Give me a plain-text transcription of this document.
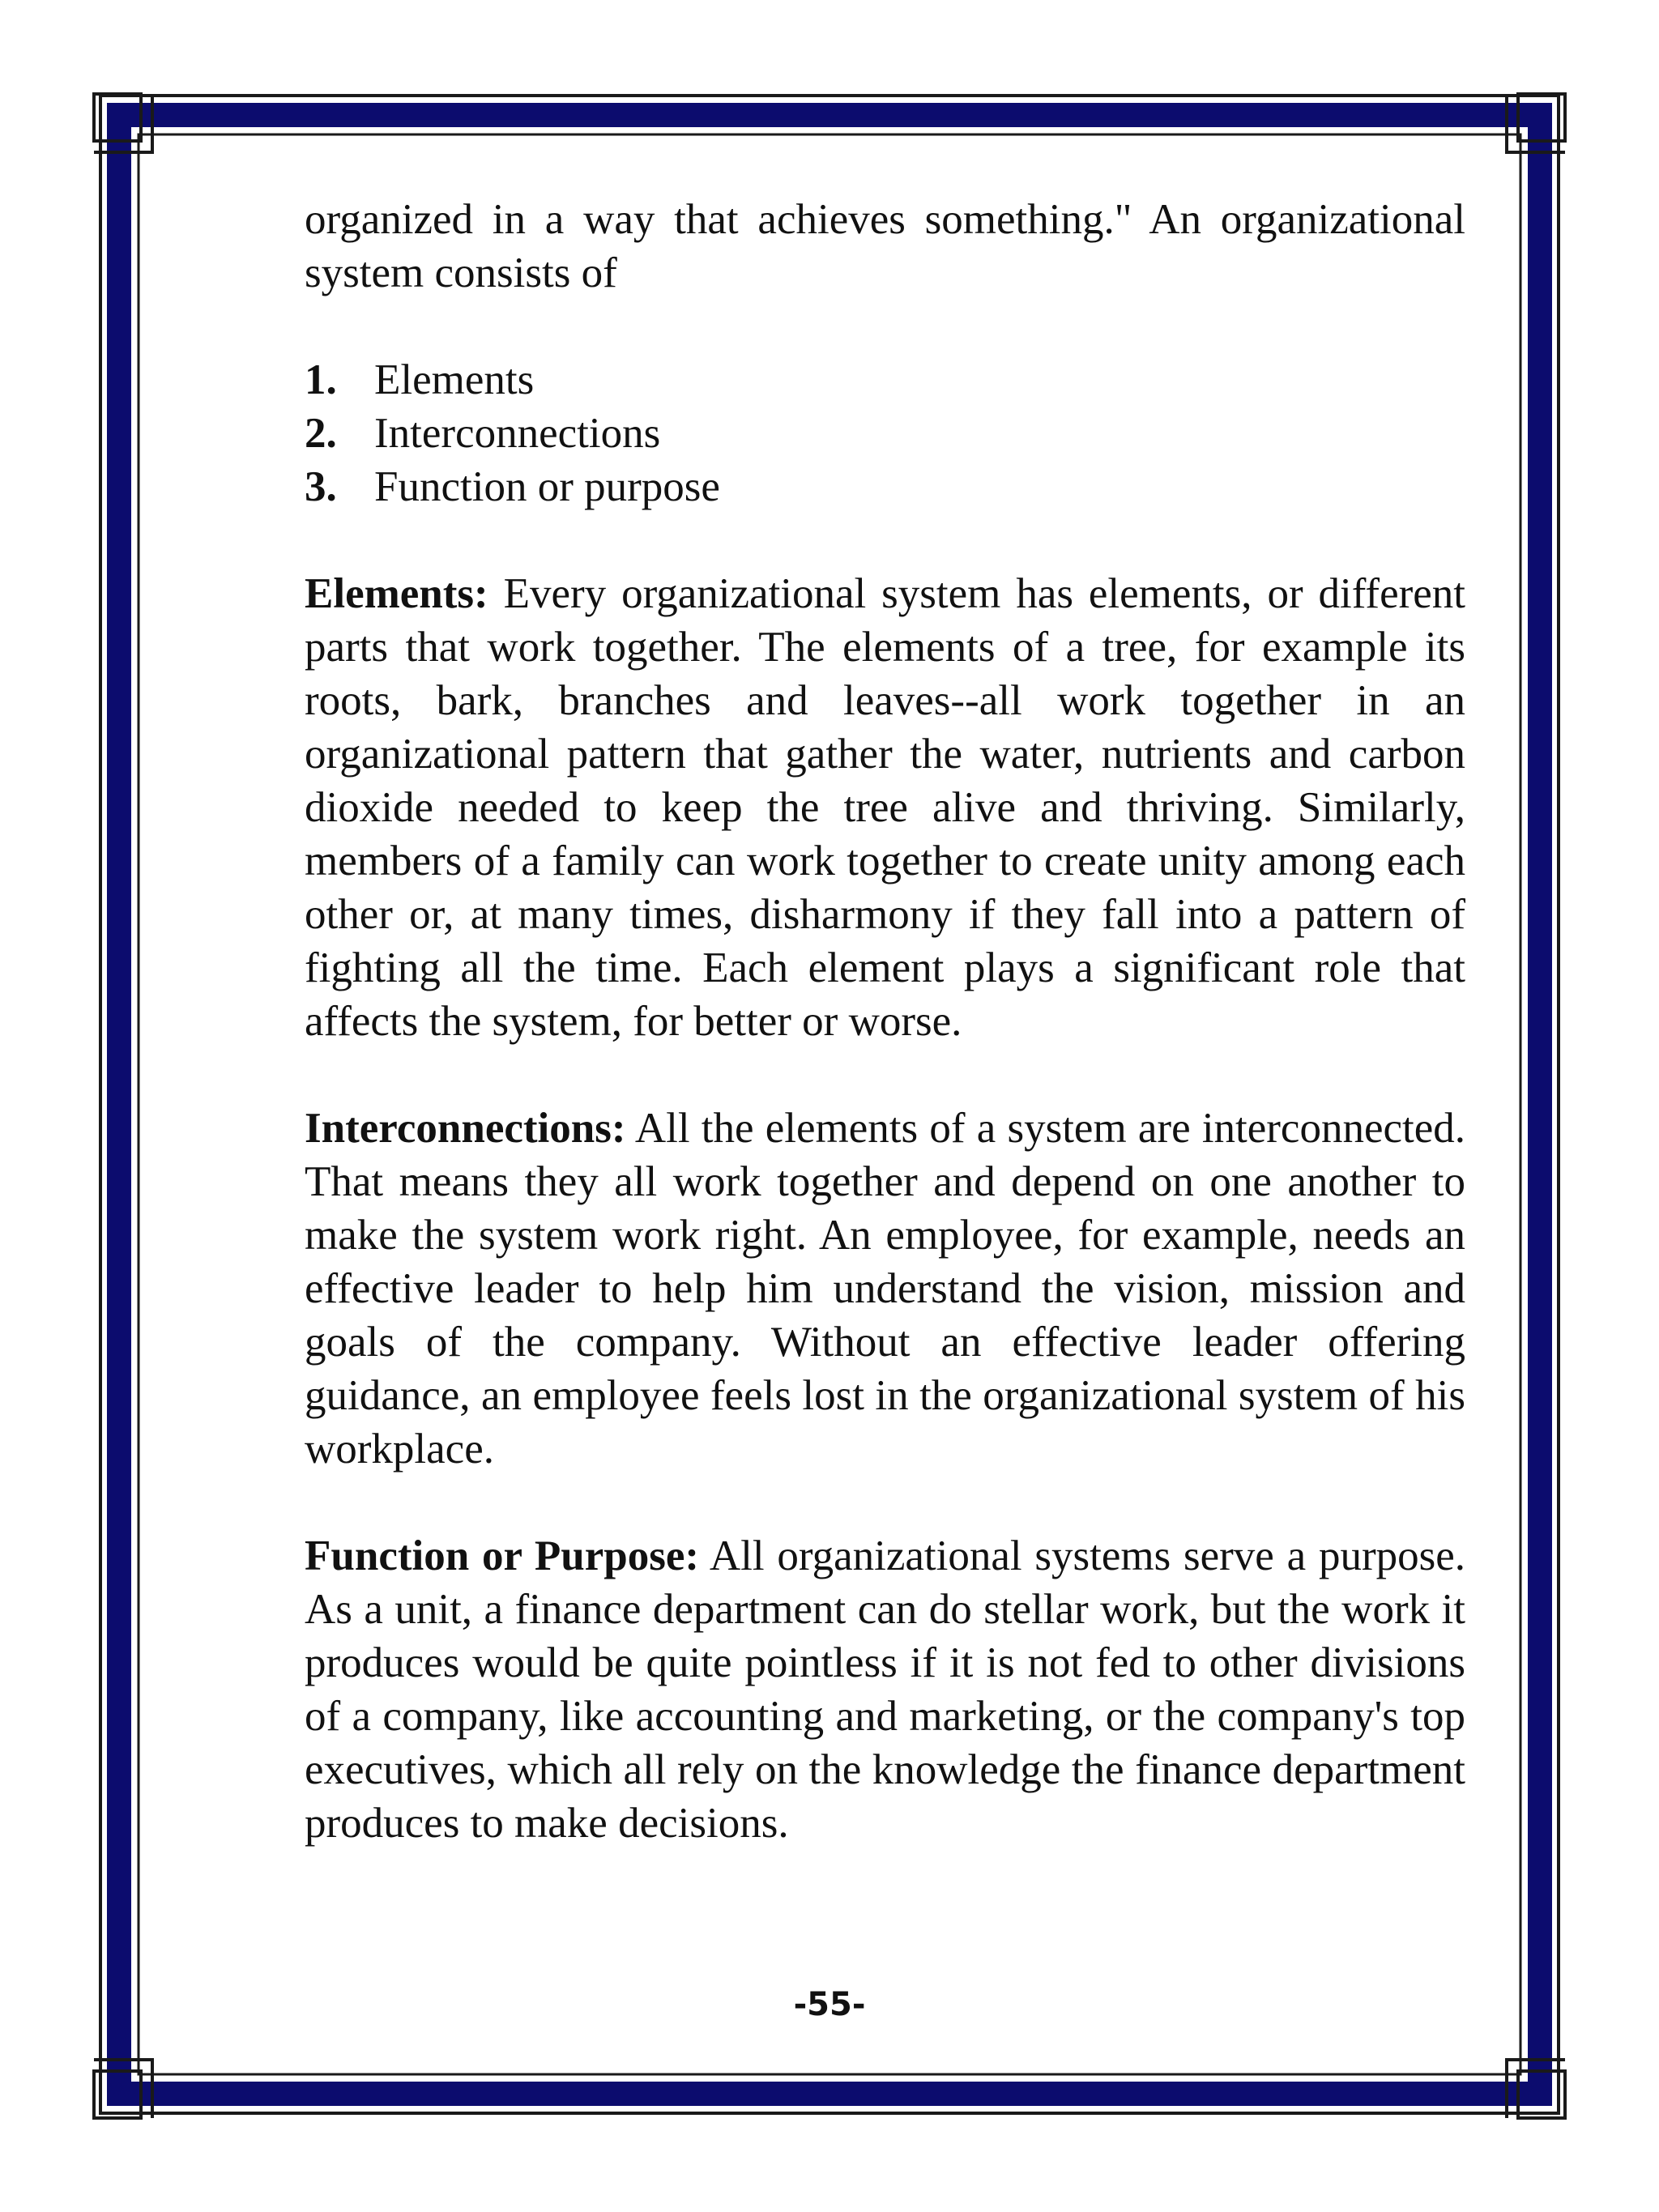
organized in a way that achieves something." An organizational system consists of

1. Elements
2. Interconnections
3. Function or purpose

Elements: Every organizational system has elements, or different parts that work together. The elements of a tree, for example its roots, bark, branches and leaves--all work together in an organizational pattern that gather the water, nutrients and carbon dioxide needed to keep the tree alive and thriving. Similarly, members of a family can work together to create unity among each other or, at many times, disharmony if they fall into a pattern of fighting all the time. Each element plays a significant role that affects the system, for better or worse.

Interconnections: All the elements of a system are interconnected. That means they all work together and depend on one another to make the system work right. An employee, for example, needs an effective leader to help him understand the vision, mission and goals of the company. Without an effective leader offering guidance, an employee feels lost in the organizational system of his workplace.

Function or Purpose: All organizational systems serve a purpose. As a unit, a finance department can do stellar work, but the work it produces would be quite pointless if it is not fed to other divisions of a company, like accounting and marketing, or the company's top executives, which all rely on the knowledge the finance department produces to make decisions.

-55-
